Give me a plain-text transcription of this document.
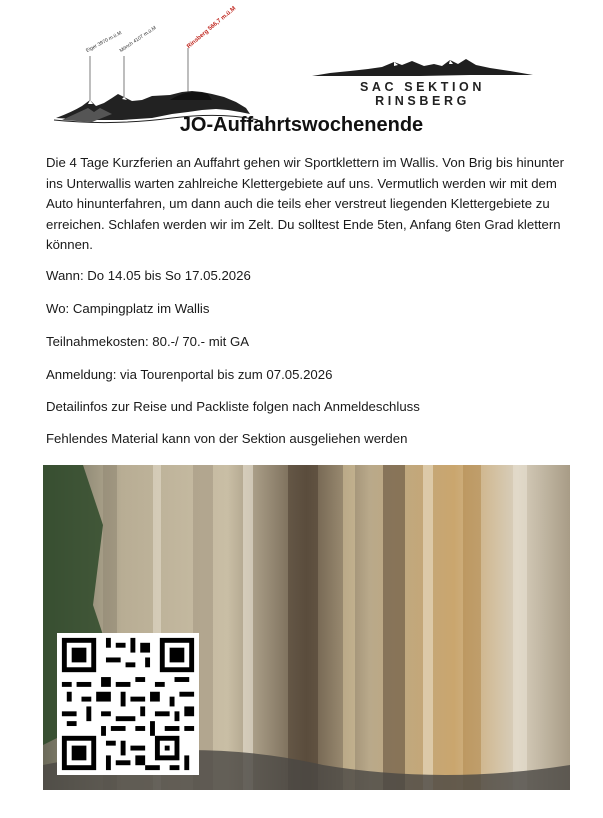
Eiger 3970 m.ü.M
Mönch 4107 m.ü.M	Rinsberg 566,7 m.ü.M
SAC SEKTION RINSBERG
JO-Auffahrtswochenende

Die 4 Tage Kurzferien an Auffahrt gehen wir Sportklettern im Wallis. Von Brig bis hinunter ins Unterwallis warten zahlreiche Klettergebiete auf uns. Vermutlich werden wir mit dem Auto hinunterfahren, um dann auch die teils eher verstreut liegenden Klettergebiete zu erreichen. Schlafen werden wir im Zelt. Du solltest Ende 5ten, Anfang 6ten Grad klettern können.

Wann: Do 14.05 bis So 17.05.2026

Wo: Campingplatz im Wallis

Teilnahmekosten: 80.-/ 70.- mit GA

Anmeldung: via Tourenportal bis zum 07.05.2026

Detailinfos zur Reise und Packliste folgen nach Anmeldeschluss

Fehlendes Material kann von der Sektion ausgeliehen werden
